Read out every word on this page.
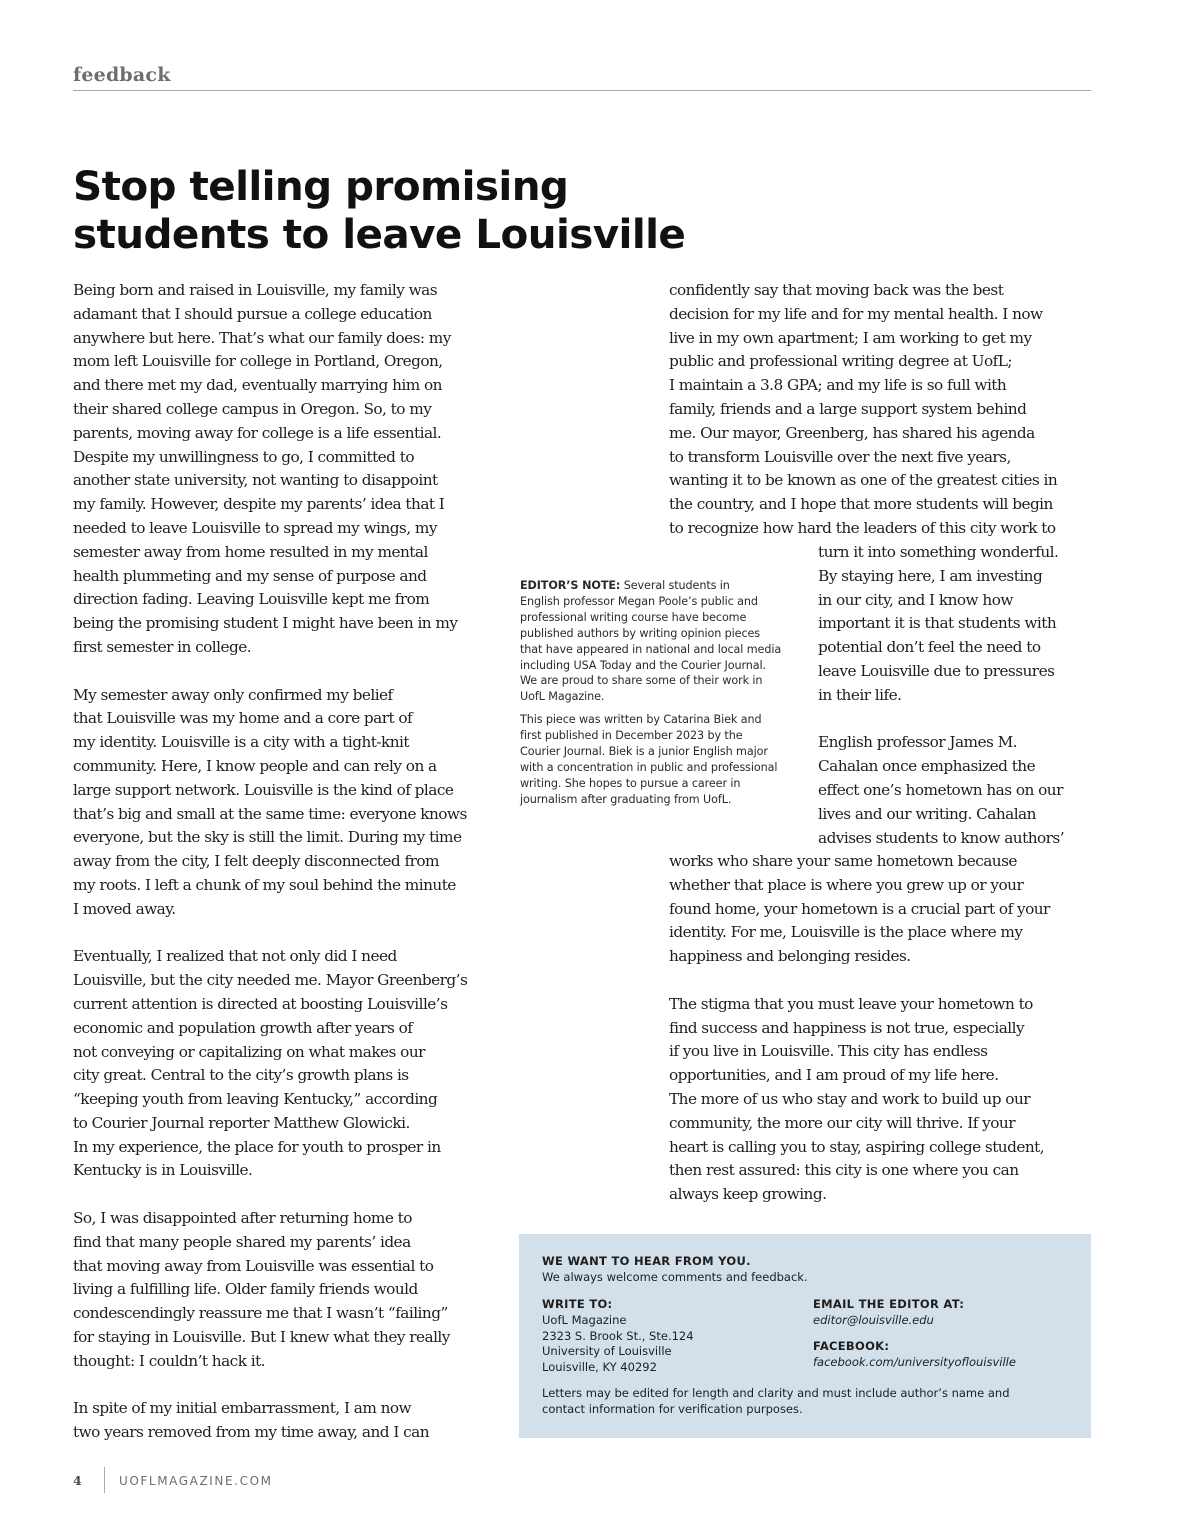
feedback
Stop telling promising
students to leave Louisville
Being born and raised in Louisville, my family was
adamant that I should pursue a college education
anywhere but here. That’s what our family does: my
mom left Louisville for college in Portland, Oregon,
and there met my dad, eventually marrying him on
their shared college campus in Oregon. So, to my
parents, moving away for college is a life essential.
Despite my unwillingness to go, I committed to
another state university, not wanting to disappoint
my family. However, despite my parents’ idea that I
needed to leave Louisville to spread my wings, my
semester away from home resulted in my mental
health plummeting and my sense of purpose and
direction fading. Leaving Louisville kept me from
being the promising student I might have been in my
first semester in college.
My semester away only confirmed my belief
that Louisville was my home and a core part of
my identity. Louisville is a city with a tight-knit
community. Here, I know people and can rely on a
large support network. Louisville is the kind of place
that’s big and small at the same time: everyone knows
everyone, but the sky is still the limit. During my time
away from the city, I felt deeply disconnected from
my roots. I left a chunk of my soul behind the minute
I moved away.
Eventually, I realized that not only did I need
Louisville, but the city needed me. Mayor Greenberg’s
current attention is directed at boosting Louisville’s
economic and population growth after years of
not conveying or capitalizing on what makes our
city great. Central to the city’s growth plans is
“keeping youth from leaving Kentucky,” according
to Courier Journal reporter Matthew Glowicki.
In my experience, the place for youth to prosper in
Kentucky is in Louisville.
So, I was disappointed after returning home to
find that many people shared my parents’ idea
that moving away from Louisville was essential to
living a fulfilling life. Older family friends would
condescendingly reassure me that I wasn’t “failing”
for staying in Louisville. But I knew what they really
thought: I couldn’t hack it.
In spite of my initial embarrassment, I am now
two years removed from my time away, and I can
confidently say that moving back was the best
decision for my life and for my mental health. I now
live in my own apartment; I am working to get my
public and professional writing degree at UofL;
I maintain a 3.8 GPA; and my life is so full with
family, friends and a large support system behind
me. Our mayor, Greenberg, has shared his agenda
to transform Louisville over the next five years,
wanting it to be known as one of the greatest cities in
the country, and I hope that more students will begin
to recognize how hard the leaders of this city work to
turn it into something wonderful.
By staying here, I am investing
in our city, and I know how
important it is that students with
potential don’t feel the need to
leave Louisville due to pressures
in their life.
English professor James M.
Cahalan once emphasized the
effect one’s hometown has on our
lives and our writing. Cahalan
advises students to know authors’
works who share your same hometown because
whether that place is where you grew up or your
found home, your hometown is a crucial part of your
identity. For me, Louisville is the place where my
happiness and belonging resides.
The stigma that you must leave your hometown to
find success and happiness is not true, especially
if you live in Louisville. This city has endless
opportunities, and I am proud of my life here.
The more of us who stay and work to build up our
community, the more our city will thrive. If your
heart is calling you to stay, aspiring college student,
then rest assured: this city is one where you can
always keep growing.

EDITOR’S NOTE: Several students in
English professor Megan Poole’s public and
professional writing course have become
published authors by writing opinion pieces
that have appeared in national and local media
including USA Today and the Courier Journal.
We are proud to share some of their work in
UofL Magazine.

This piece was written by Catarina Biek and
first published in December 2023 by the
Courier Journal. Biek is a junior English major
with a concentration in public and professional
writing. She hopes to pursue a career in
journalism after graduating from UofL.

WE WANT TO HEAR FROM YOU.
We always welcome comments and feedback.
WRITE TO:
UofL Magazine
2323 S. Brook St., Ste.124
University of Louisville
Louisville, KY 40292
EMAIL THE EDITOR AT:
editor@louisville.edu
FACEBOOK:
facebook.com/universityoflouisville
Letters may be edited for length and clarity and must include author’s name and
contact information for verification purposes.
4	UOFLMAGAZINE.COM
